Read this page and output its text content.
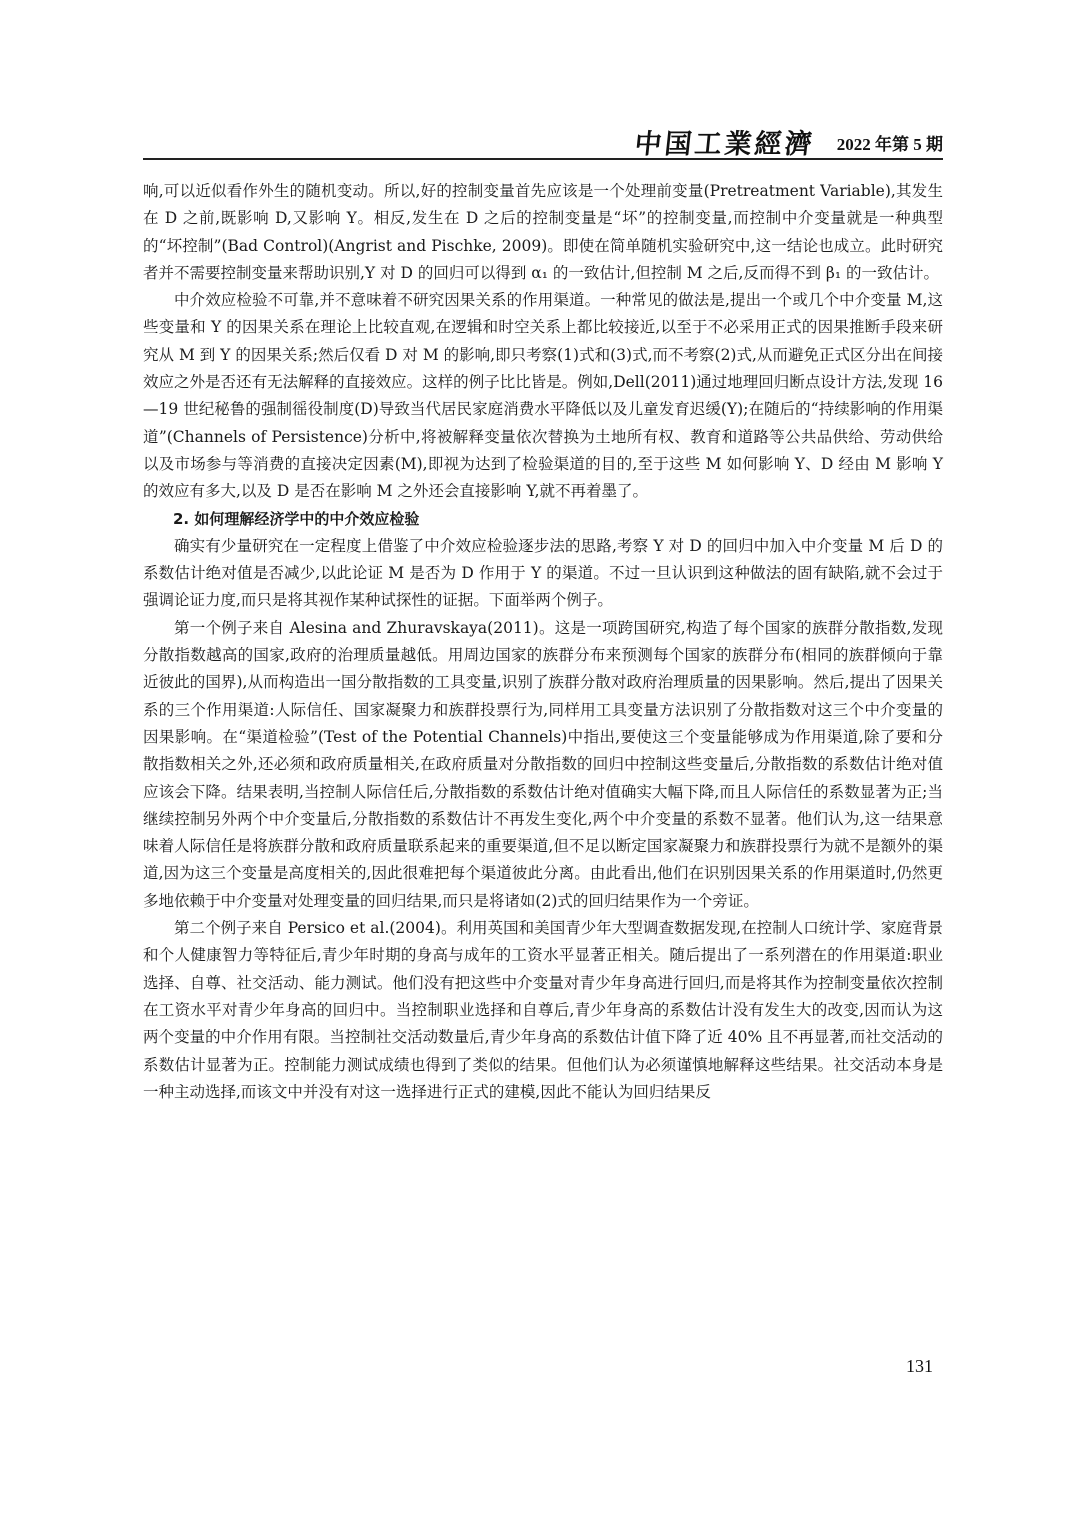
中国工業經濟 2022 年第 5 期

响,可以近似看作外生的随机变动。所以,好的控制变量首先应该是一个处理前变量(Pretreatment Variable),其发生在 D 之前,既影响 D,又影响 Y。相反,发生在 D 之后的控制变量是“坏”的控制变量,而控制中介变量就是一种典型的“坏控制”(Bad Control)(Angrist and Pischke, 2009)。即使在简单随机实验研究中,这一结论也成立。此时研究者并不需要控制变量来帮助识别,Y 对 D 的回归可以得到 α₁ 的一致估计,但控制 M 之后,反而得不到 β₁ 的一致估计。

中介效应检验不可靠,并不意味着不研究因果关系的作用渠道。一种常见的做法是,提出一个或几个中介变量 M,这些变量和 Y 的因果关系在理论上比较直观,在逻辑和时空关系上都比较接近,以至于不必采用正式的因果推断手段来研究从 M 到 Y 的因果关系;然后仅看 D 对 M 的影响,即只考察(1)式和(3)式,而不考察(2)式,从而避免正式区分出在间接效应之外是否还有无法解释的直接效应。这样的例子比比皆是。例如,Dell(2011)通过地理回归断点设计方法,发现 16—19 世纪秘鲁的强制徭役制度(D)导致当代居民家庭消费水平降低以及儿童发育迟缓(Y);在随后的“持续影响的作用渠道”(Channels of Persistence)分析中,将被解释变量依次替换为土地所有权、教育和道路等公共品供给、劳动供给以及市场参与等消费的直接决定因素(M),即视为达到了检验渠道的目的,至于这些 M 如何影响 Y、D 经由 M 影响 Y 的效应有多大,以及 D 是否在影响 M 之外还会直接影响 Y,就不再着墨了。

2. 如何理解经济学中的中介效应检验

确实有少量研究在一定程度上借鉴了中介效应检验逐步法的思路,考察 Y 对 D 的回归中加入中介变量 M 后 D 的系数估计绝对值是否减少,以此论证 M 是否为 D 作用于 Y 的渠道。不过一旦认识到这种做法的固有缺陷,就不会过于强调论证力度,而只是将其视作某种试探性的证据。下面举两个例子。

第一个例子来自 Alesina and Zhuravskaya(2011)。这是一项跨国研究,构造了每个国家的族群分散指数,发现分散指数越高的国家,政府的治理质量越低。用周边国家的族群分布来预测每个国家的族群分布(相同的族群倾向于靠近彼此的国界),从而构造出一国分散指数的工具变量,识别了族群分散对政府治理质量的因果影响。然后,提出了因果关系的三个作用渠道:人际信任、国家凝聚力和族群投票行为,同样用工具变量方法识别了分散指数对这三个中介变量的因果影响。在“渠道检验”(Test of the Potential Channels)中指出,要使这三个变量能够成为作用渠道,除了要和分散指数相关之外,还必须和政府质量相关,在政府质量对分散指数的回归中控制这些变量后,分散指数的系数估计绝对值应该会下降。结果表明,当控制人际信任后,分散指数的系数估计绝对值确实大幅下降,而且人际信任的系数显著为正;当继续控制另外两个中介变量后,分散指数的系数估计不再发生变化,两个中介变量的系数不显著。他们认为,这一结果意味着人际信任是将族群分散和政府质量联系起来的重要渠道,但不足以断定国家凝聚力和族群投票行为就不是额外的渠道,因为这三个变量是高度相关的,因此很难把每个渠道彼此分离。由此看出,他们在识别因果关系的作用渠道时,仍然更多地依赖于中介变量对处理变量的回归结果,而只是将诸如(2)式的回归结果作为一个旁证。

第二个例子来自 Persico et al.(2004)。利用英国和美国青少年大型调查数据发现,在控制人口统计学、家庭背景和个人健康智力等特征后,青少年时期的身高与成年的工资水平显著正相关。随后提出了一系列潜在的作用渠道:职业选择、自尊、社交活动、能力测试。他们没有把这些中介变量对青少年身高进行回归,而是将其作为控制变量依次控制在工资水平对青少年身高的回归中。当控制职业选择和自尊后,青少年身高的系数估计没有发生大的改变,因而认为这两个变量的中介作用有限。当控制社交活动数量后,青少年身高的系数估计值下降了近 40% 且不再显著,而社交活动的系数估计显著为正。控制能力测试成绩也得到了类似的结果。但他们认为必须谨慎地解释这些结果。社交活动本身是一种主动选择,而该文中并没有对这一选择进行正式的建模,因此不能认为回归结果反

131
